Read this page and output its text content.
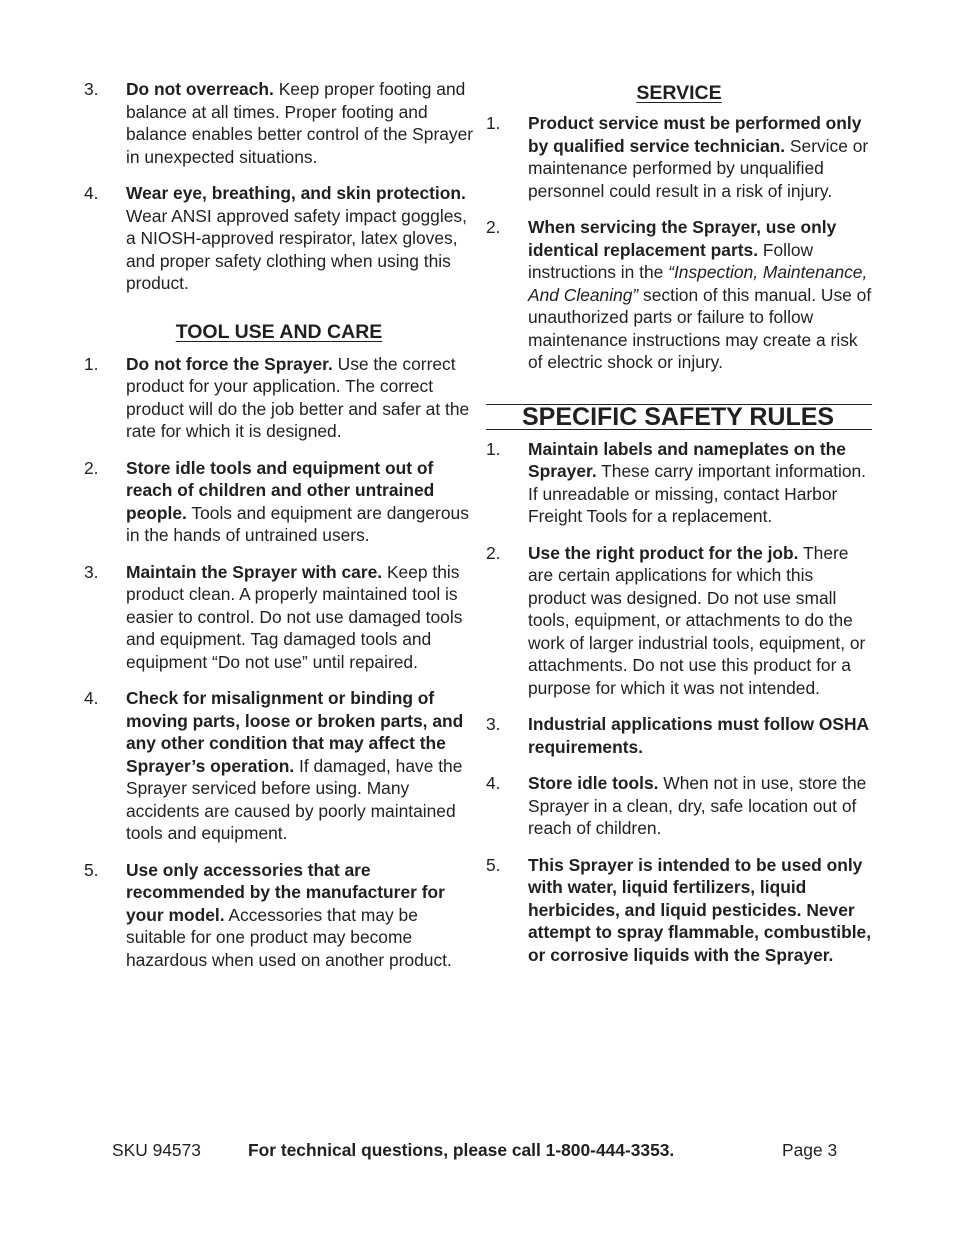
3. Do not overreach. Keep proper footing and balance at all times. Proper footing and balance enables better control of the Sprayer in unexpected situations.
4. Wear eye, breathing, and skin protection. Wear ANSI approved safety impact goggles, a NIOSH-approved respirator, latex gloves, and proper safety clothing when using this product.
TOOL USE AND CARE
1. Do not force the Sprayer. Use the correct product for your application. The correct product will do the job better and safer at the rate for which it is designed.
2. Store idle tools and equipment out of reach of children and other untrained people. Tools and equipment are dangerous in the hands of untrained users.
3. Maintain the Sprayer with care. Keep this product clean. A properly maintained tool is easier to control. Do not use damaged tools and equipment. Tag damaged tools and equipment “Do not use” until repaired.
4. Check for misalignment or binding of moving parts, loose or broken parts, and any other condition that may affect the Sprayer’s operation. If damaged, have the Sprayer serviced before using. Many accidents are caused by poorly maintained tools and equipment.
5. Use only accessories that are recommended by the manufacturer for your model. Accessories that may be suitable for one product may become hazardous when used on another product.
SERVICE
1. Product service must be performed only by qualified service technician. Service or maintenance performed by unqualified personnel could result in a risk of injury.
2. When servicing the Sprayer, use only identical replacement parts. Follow instructions in the “Inspection, Maintenance, And Cleaning” section of this manual. Use of unauthorized parts or failure to follow maintenance instructions may create a risk of electric shock or injury.
SPECIFIC SAFETY RULES
1. Maintain labels and nameplates on the Sprayer. These carry important information. If unreadable or missing, contact Harbor Freight Tools for a replacement.
2. Use the right product for the job. There are certain applications for which this product was designed. Do not use small tools, equipment, or attachments to do the work of larger industrial tools, equipment, or attachments. Do not use this product for a purpose for which it was not intended.
3. Industrial applications must follow OSHA requirements.
4. Store idle tools. When not in use, store the Sprayer in a clean, dry, safe location out of reach of children.
5. This Sprayer is intended to be used only with water, liquid fertilizers, liquid herbicides, and liquid pesticides. Never attempt to spray flammable, combustible, or corrosive liquids with the Sprayer.
SKU 94573	For technical questions, please call 1-800-444-3353.	Page 3
